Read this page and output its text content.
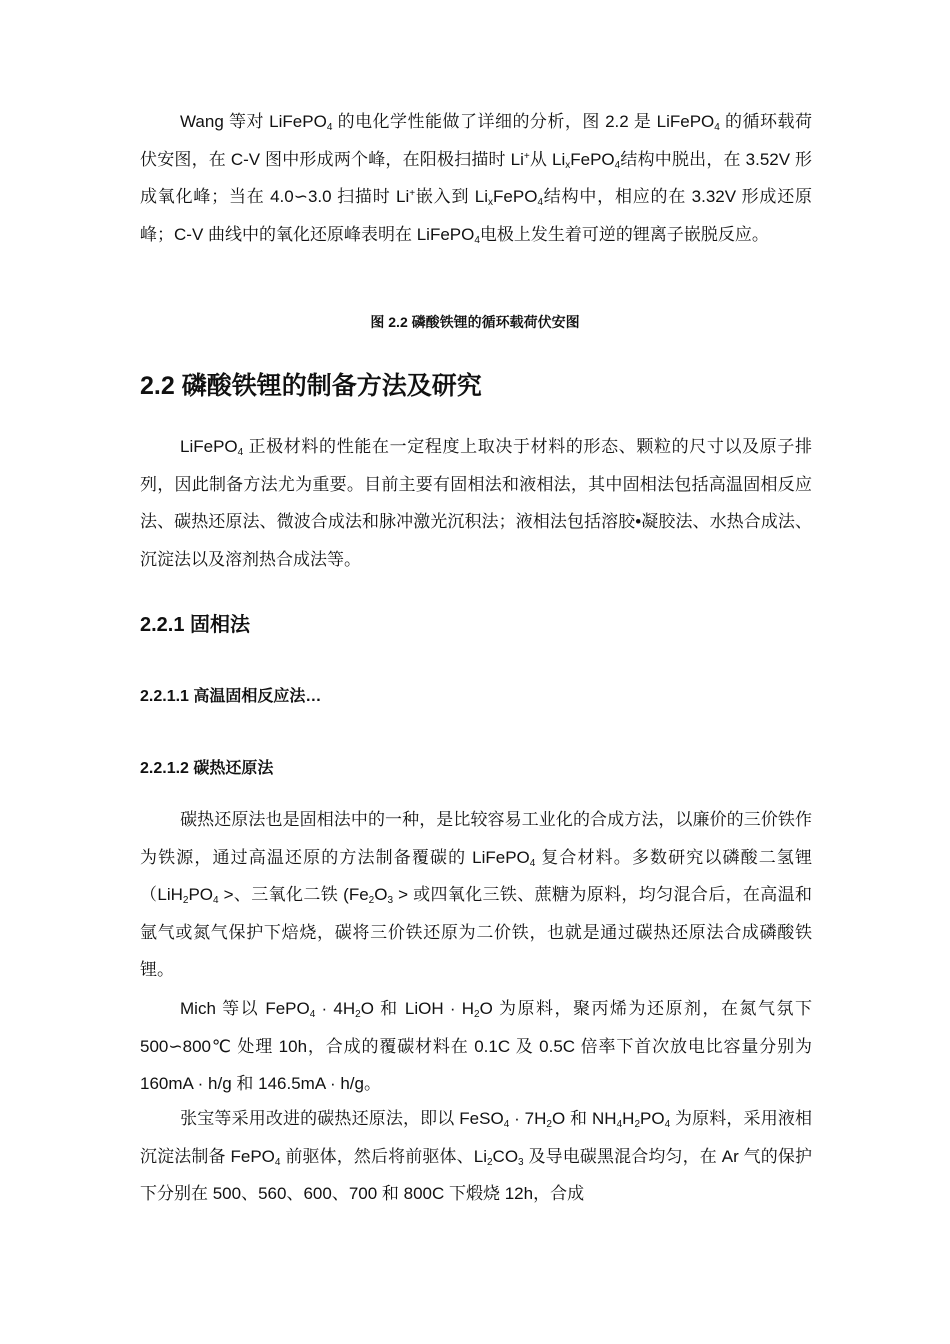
Wang 等对 LiFePO$_4$ 的电化学性能做了详细的分析，图 2.2 是 LiFePO$_4$ 的循环载荷伏安图，在 C-V 图中形成两个峰，在阳极扫描时 Li+从 $Li_xFePO_4$结构中脱出，在 3.52V 形成氧化峰；当在 4.0∽3.0 扫描时 Li+嵌入到 $Li_xFePO_4$结构中，相应的在 3.32V 形成还原峰；C-V 曲线中的氧化还原峰表明在 LiFePO$_4$电极上发生着可逆的锂离子嵌脱反应。

图 2.2 磷酸铁锂的循环载荷伏安图

2.2 磷酸铁锂的制备方法及研究

LiFePO$_4$ 正极材料的性能在一定程度上取决于材料的形态、颗粒的尺寸以及原子排列，因此制备方法尤为重要。目前主要有固相法和液相法，其中固相法包括高温固相反应法、碳热还原法、微波合成法和脉冲激光沉积法；液相法包括溶胶•凝胶法、水热合成法、沉淀法以及溶剂热合成法等。

2.2.1 固相法
2.2.1.1 高温固相反应法…
2.2.1.2 碳热还原法

碳热还原法也是固相法中的一种，是比较容易工业化的合成方法，以廉价的三价铁作为铁源，通过高温还原的方法制备覆碳的 LiFePO$_4$ 复合材料。多数研究以磷酸二氢锂（$LiH_2PO_4$ >、三氧化二铁 ($Fe_2O_3$ > 或四氧化三铁、蔗糖为原料，均匀混合后，在高温和氩气或氮气保护下焙烧，碳将三价铁还原为二价铁，也就是通过碳热还原法合成磷酸铁锂。

Mich 等以 FePO$_4$ · $4H_2O$ 和 LiOH · $H_2O$ 为原料，聚丙烯为还原剂，在氮气氛下 500∽800℃ 处理 10h，合成的覆碳材料在 0.1C 及 0.5C 倍率下首次放电比容量分别为 160mA · h/g 和 146.5mA · h/g。

张宝等采用改进的碳热还原法，即以 FeSO$_4$ · $7H_2O$ 和 $NH_4H_2PO_4$ 为原料，采用液相沉淀法制备 FePO$_4$ 前驱体，然后将前驱体、$Li_2CO_3$ 及导电碳黑混合均匀，在 Ar 气的保护下分别在 500、560、600、700 和 800C 下煅烧 12h，合成
